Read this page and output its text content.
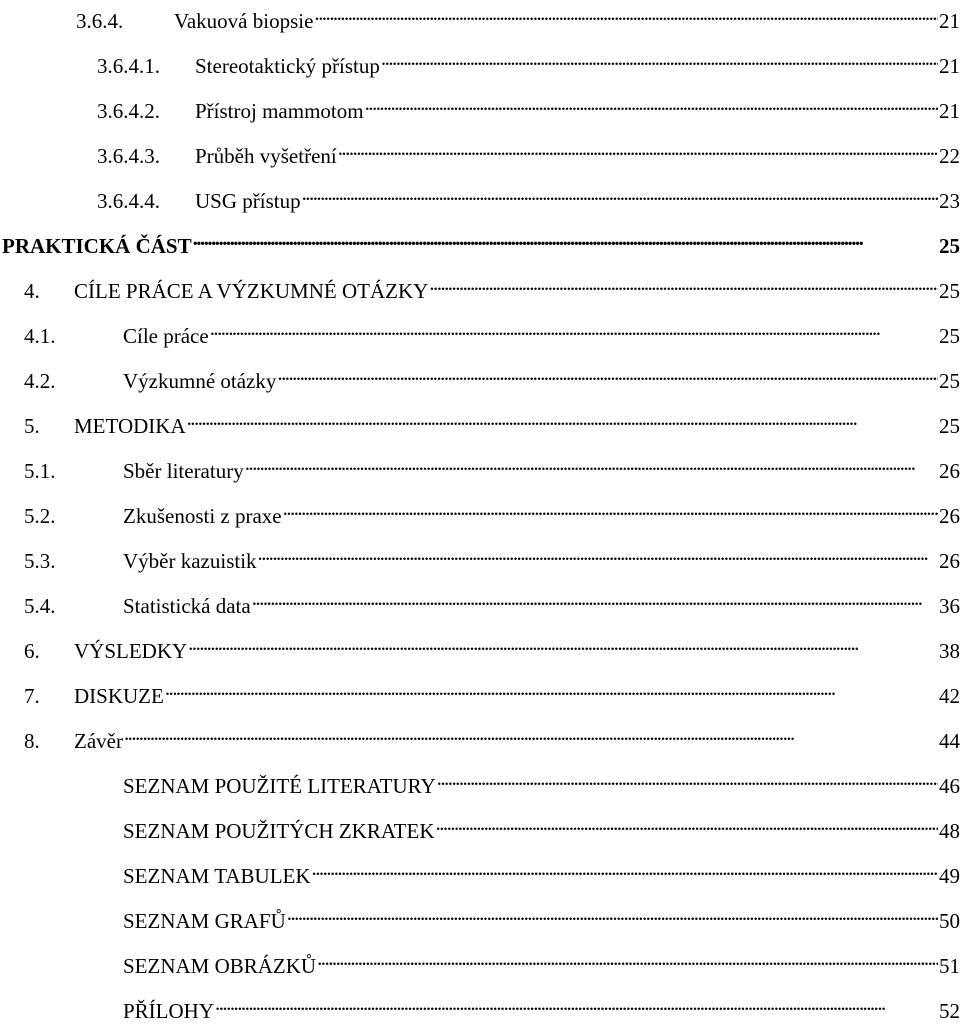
3.6.4.	Vakuová biopsie . . .	21
3.6.4.1.	Stereotaktický přístup . . .	21
3.6.4.2.	Přístroj mammotom . . .	21
3.6.4.3.	Průběh vyšetření . . .	22
3.6.4.4.	USG přístup . . .	23
PRAKTICKÁ ČÁST . . .	25
4.	CÍLE PRÁCE A VÝZKUMNÉ OTÁZKY . . .	25
4.1.	Cíle práce . . .	25
4.2.	Výzkumné otázky . . .	25
5.	METODIKA . . .	25
5.1.	Sběr literatury . . .	26
5.2.	Zkušenosti z praxe . . .	26
5.3.	Výběr kazuistik . . .	26
5.4.	Statistická data . . .	36
6.	VÝSLEDKY . . .	38
7.	DISKUZE . . .	42
8.	Závěr . . .	44
SEZNAM POUŽITÉ LITERATURY . . .	46
SEZNAM POUŽITÝCH ZKRATEK . . .	48
SEZNAM TABULEK . . .	49
SEZNAM GRAFŮ . . .	50
SEZNAM OBRÁZKŮ . . .	51
PŘÍLOHY . . .	52
